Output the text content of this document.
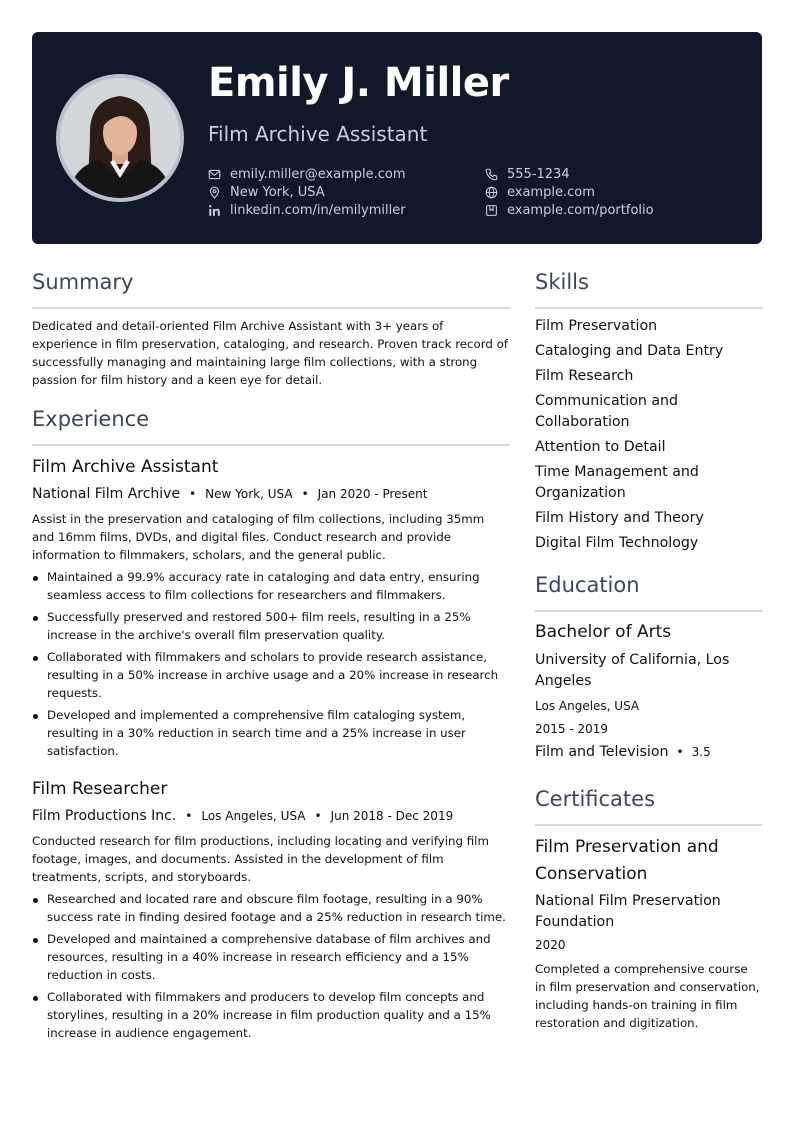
Emily J. Miller
Film Archive Assistant
emily.miller@example.com
New York, USA
linkedin.com/in/emilymiller
555-1234
example.com
example.com/portfolio
Summary
Dedicated and detail-oriented Film Archive Assistant with 3+ years of experience in film preservation, cataloging, and research. Proven track record of successfully managing and maintaining large film collections, with a strong passion for film history and a keen eye for detail.
Experience
Film Archive Assistant
National Film Archive • New York, USA • Jan 2020 - Present
Assist in the preservation and cataloging of film collections, including 35mm and 16mm films, DVDs, and digital files. Conduct research and provide information to filmmakers, scholars, and the general public.
Maintained a 99.9% accuracy rate in cataloging and data entry, ensuring seamless access to film collections for researchers and filmmakers.
Successfully preserved and restored 500+ film reels, resulting in a 25% increase in the archive's overall film preservation quality.
Collaborated with filmmakers and scholars to provide research assistance, resulting in a 50% increase in archive usage and a 20% increase in research requests.
Developed and implemented a comprehensive film cataloging system, resulting in a 30% reduction in search time and a 25% increase in user satisfaction.
Film Researcher
Film Productions Inc. • Los Angeles, USA • Jun 2018 - Dec 2019
Conducted research for film productions, including locating and verifying film footage, images, and documents. Assisted in the development of film treatments, scripts, and storyboards.
Researched and located rare and obscure film footage, resulting in a 90% success rate in finding desired footage and a 25% reduction in research time.
Developed and maintained a comprehensive database of film archives and resources, resulting in a 40% increase in research efficiency and a 15% reduction in costs.
Collaborated with filmmakers and producers to develop film concepts and storylines, resulting in a 20% increase in film production quality and a 15% increase in audience engagement.
Skills
Film Preservation
Cataloging and Data Entry
Film Research
Communication and Collaboration
Attention to Detail
Time Management and Organization
Film History and Theory
Digital Film Technology
Education
Bachelor of Arts
University of California, Los Angeles
Los Angeles, USA
2015 - 2019
Film and Television • 3.5
Certificates
Film Preservation and Conservation
National Film Preservation Foundation
2020
Completed a comprehensive course in film preservation and conservation, including hands-on training in film restoration and digitization.
